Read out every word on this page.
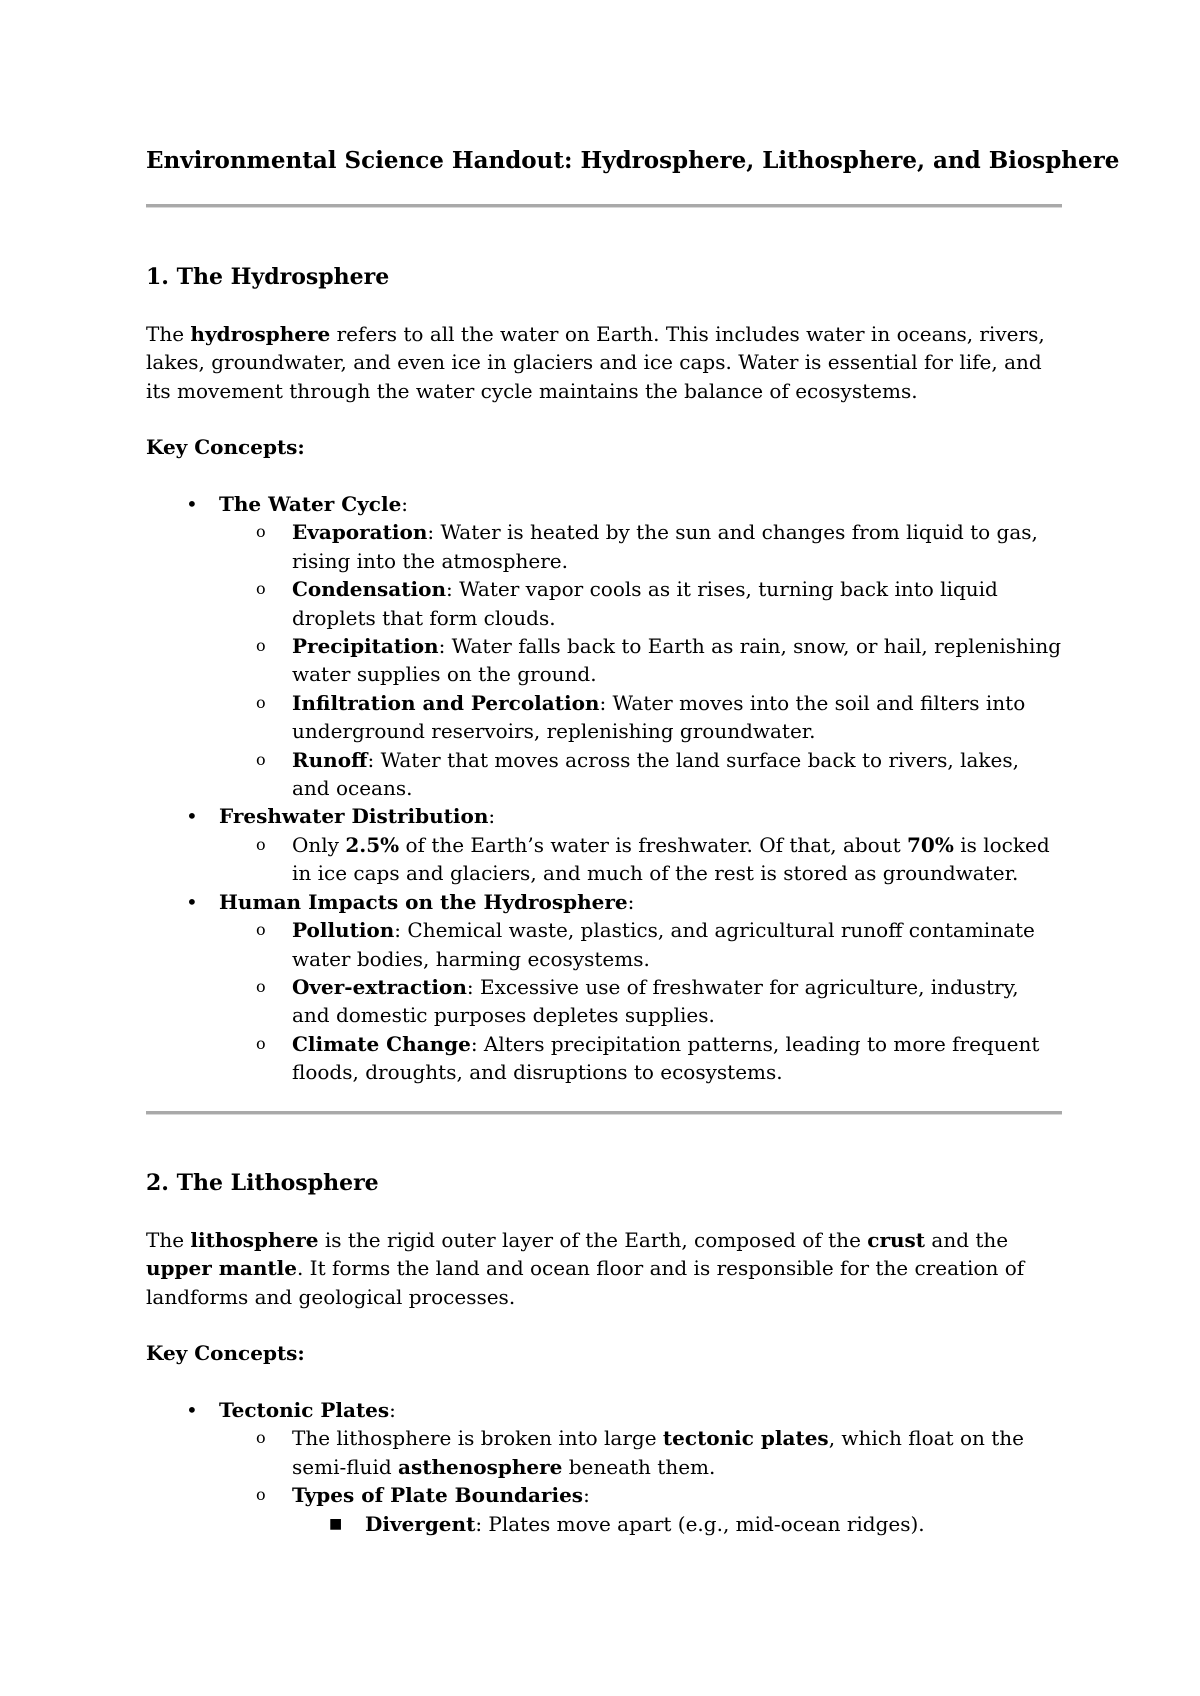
Environmental Science Handout: Hydrosphere, Lithosphere, and Biosphere
1. The Hydrosphere
The hydrosphere refers to all the water on Earth. This includes water in oceans, rivers, lakes, groundwater, and even ice in glaciers and ice caps. Water is essential for life, and its movement through the water cycle maintains the balance of ecosystems.
Key Concepts:
• The Water Cycle:
o Evaporation: Water is heated by the sun and changes from liquid to gas, rising into the atmosphere.
o Condensation: Water vapor cools as it rises, turning back into liquid droplets that form clouds.
o Precipitation: Water falls back to Earth as rain, snow, or hail, replenishing water supplies on the ground.
o Infiltration and Percolation: Water moves into the soil and filters into underground reservoirs, replenishing groundwater.
o Runoff: Water that moves across the land surface back to rivers, lakes, and oceans.
• Freshwater Distribution:
o Only 2.5% of the Earth’s water is freshwater. Of that, about 70% is locked in ice caps and glaciers, and much of the rest is stored as groundwater.
• Human Impacts on the Hydrosphere:
o Pollution: Chemical waste, plastics, and agricultural runoff contaminate water bodies, harming ecosystems.
o Over-extraction: Excessive use of freshwater for agriculture, industry, and domestic purposes depletes supplies.
o Climate Change: Alters precipitation patterns, leading to more frequent floods, droughts, and disruptions to ecosystems.
2. The Lithosphere
The lithosphere is the rigid outer layer of the Earth, composed of the crust and the upper mantle. It forms the land and ocean floor and is responsible for the creation of landforms and geological processes.
Key Concepts:
• Tectonic Plates:
o The lithosphere is broken into large tectonic plates, which float on the semi-fluid asthenosphere beneath them.
o Types of Plate Boundaries:
■ Divergent: Plates move apart (e.g., mid-ocean ridges).
